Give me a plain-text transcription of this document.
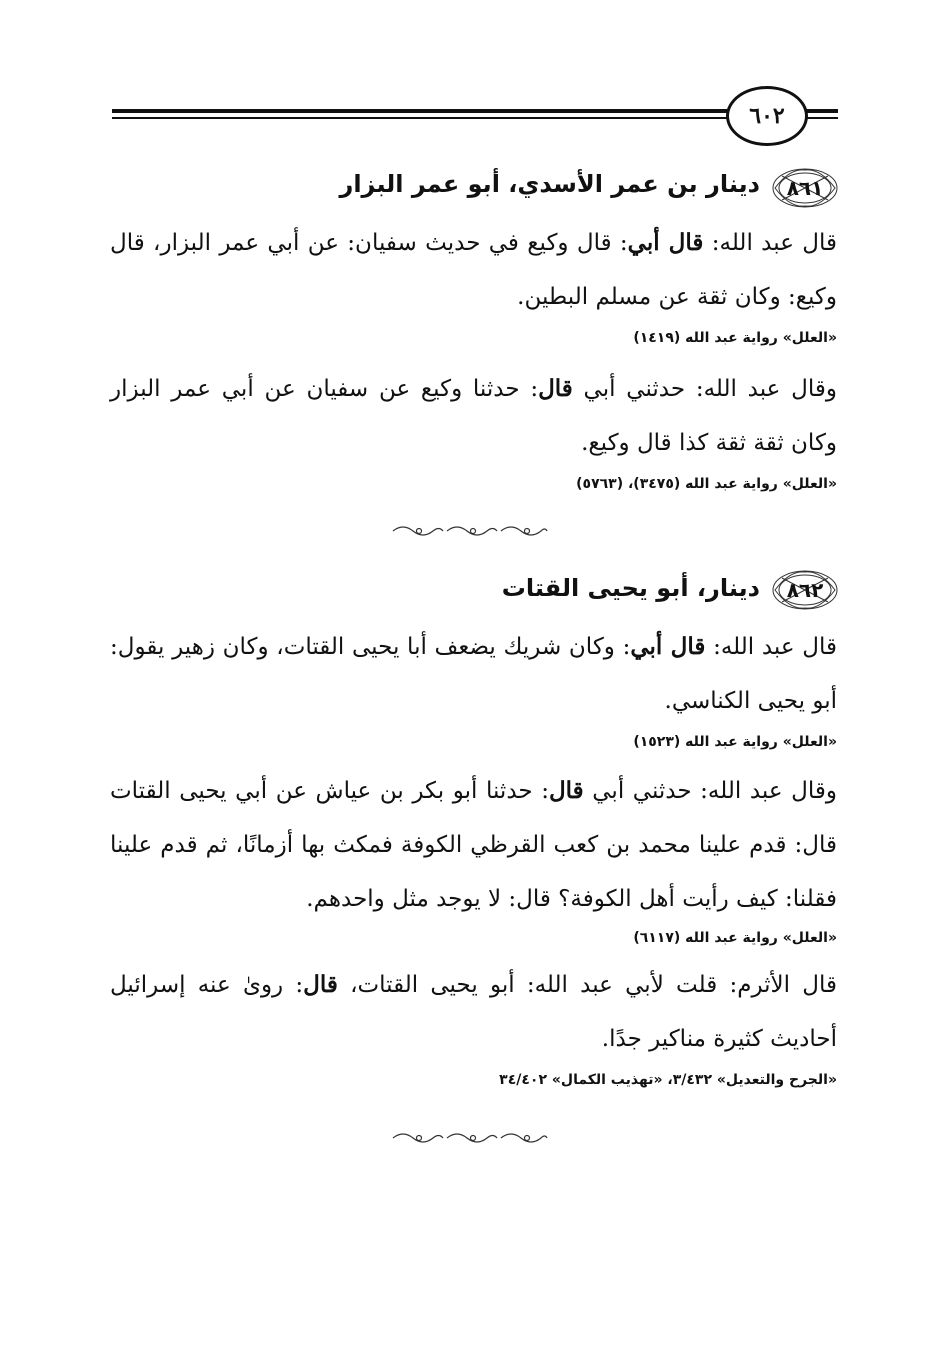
٦٠٢
٨٦١
دينار بن عمر الأسدي، أبو عمر البزار
قال عبد الله: قال أبي: قال وكيع في حديث سفيان: عن أبي عمر البزار، قال وكيع: وكان ثقة عن مسلم البطين.
«العلل» رواية عبد الله (١٤١٩)
وقال عبد الله: حدثني أبي قال: حدثنا وكيع عن سفيان عن أبي عمر البزار وكان ثقة ثقة كذا قال وكيع.
«العلل» رواية عبد الله (٣٤٧٥)، (٥٧٦٣)
٨٦٢
دينار، أبو يحيى القتات
قال عبد الله: قال أبي: وكان شريك يضعف أبا يحيى القتات، وكان زهير يقول: أبو يحيى الكناسي.
«العلل» رواية عبد الله (١٥٢٣)
وقال عبد الله: حدثني أبي قال: حدثنا أبو بكر بن عياش عن أبي يحيى القتات قال: قدم علينا محمد بن كعب القرظي الكوفة فمكث بها أزمانًا، ثم قدم علينا فقلنا: كيف رأيت أهل الكوفة؟ قال: لا يوجد مثل واحدهم.
«العلل» رواية عبد الله (٦١١٧)
قال الأثرم: قلت لأبي عبد الله: أبو يحيى القتات، قال: روىٰ عنه إسرائيل أحاديث كثيرة مناكير جدًا.
«الجرح والتعديل» ٣/٤٣٢، «تهذيب الكمال» ٣٤/٤٠٢
